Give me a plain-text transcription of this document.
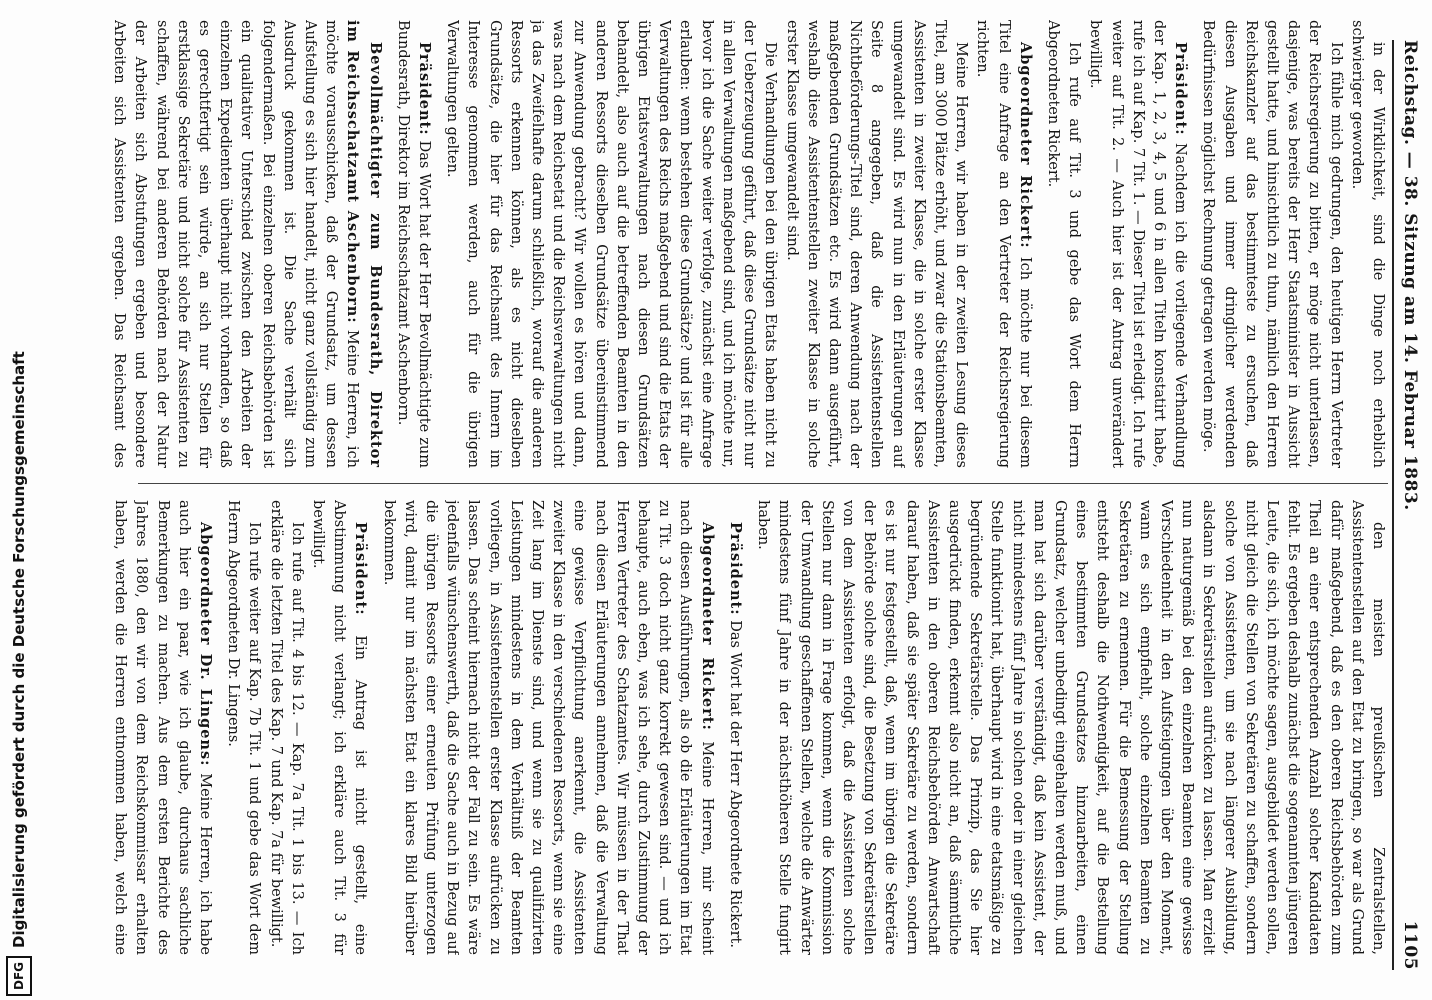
Reichstag. — 38. Sitzung am 14. Februar 1883.
1105

in der Wirklichkeit, sind die Dinge noch erheblich schwieriger geworden.

Ich fühle mich gedrungen, den heutigen Herrn Vertreter der Reichsregierung zu bitten, er möge nicht unterlassen, dasjenige, was bereits der Herr Staatsminister in Aussicht gestellt hatte, und hinsichtlich zu thun, nämlich den Herren Reichskanzler auf das bestimmteste zu ersuchen, daß diesen Ausgaben und immer dringlicher werdenden Bedürfnissen möglichst Rechnung getragen werden möge.

Präsident: Nachdem ich die vorliegende Verhandlung der Kap. 1, 2, 3, 4, 5 und 6 in allen Titeln konstatirt habe, rufe ich auf Kap. 7 Tit. 1. — Dieser Titel ist erledigt. Ich rufe weiter auf Tit. 2. — Auch hier ist der Antrag unverändert bewilligt.

Ich rufe auf Tit. 3 und gebe das Wort dem Herrn Abgeordneten Rickert.

Abgeordneter Rickert: Ich möchte nur bei diesem Titel eine Anfrage an den Vertreter der Reichsregierung richten.

Meine Herren, wir haben in der zweiten Lesung dieses Titel, am 3000 Plätze erhöht, und zwar die Stationsbeamten, Assistenten in zweiter Klasse, die in solche erster Klasse umgewandelt sind. Es wird nun in den Erläuterungen auf Seite 8 angegeben, daß die Assistentenstellen Nichtbeförderungs-Titel sind, deren Anwendung nach der maßgebenden Grundsätzen etc. Es wird dann ausgeführt, weshalb diese Assistentenstellen zweiter Klasse in solche erster Klasse umgewandelt sind.

Die Verhandlungen bei den übrigen Etats haben nicht zu der Ueberzeugung geführt, daß diese Grundsätze nicht nur in allen Verwaltungen maßgebend sind, und ich möchte nur, bevor ich die Sache weiter verfolge, zunächst eine Anfrage erlauben: wenn bestehen diese Grundsätze? und ist für alle Verwaltungen des Reichs maßgebend und sind die Etats der übrigen Etatsverwaltungen nach diesen Grundsätzen behandelt, also auch auf die betreffenden Beamten in den anderen Ressorts dieselben Grundsätze übereinstimmend zur Anwendung gebracht? Wir wollen es hören und dann, was nach dem Reichsetat und die Reichsverwaltungen nicht ja das Zweifelhafte darum schließlich, worauf die anderen Ressorts erkennen können, als es nicht dieselben Grundsätze, die hier für das Reichsamt des Innern im Interesse genommen werden, auch für die übrigen Verwaltungen gelten.

Präsident: Das Wort hat der Herr Bevollmächtigte zum Bundesrath, Direktor im Reichsschatzamt Aschenborn.

Bevollmächtigter zum Bundesrath, Direktor im Reichsschatzamt Aschenborn: Meine Herren, ich möchte vorausschicken, daß der Grundsatz, um dessen Aufstellung es sich hier handelt, nicht ganz vollständig zum Ausdruck gekommen ist. Die Sache verhält sich folgendermaßen. Bei einzelnen oberen Reichsbehörden ist ein qualitativer Unterschied zwischen den Arbeiten der einzelnen Expedienten überhaupt nicht vorhanden, so daß es gerechtfertigt sein würde, an sich nur Stellen für erstklassige Sekretäre und nicht solche für Assistenten zu schaffen, während bei anderen Behörden nach der Natur der Arbeiten sich Abstufungen ergeben und besondere Arbeiten sich Assistenten ergeben. Das Reichsamt des

den meisten preußischen Zentralstellen, Assistentenstellen auf den Etat zu bringen, so war als Grund dafür maßgebend, daß es den oberen Reichsbehörden zum Theil an einer entsprechenden Anzahl solcher Kandidaten fehlt. Es ergeben deshalb zunächst die sogenannten jüngeren Leute, die sich, ich möchte sagen, ausgebildet werden sollen, nicht gleich die Stellen von Sekretären zu schaffen, sondern solche von Assistenten, um sie nach längerer Ausbildung, alsdann in Sekretärstellen aufrücken zu lassen. Man erzielt nun naturgemäß bei den einzelnen Beamten eine gewisse Verschiedenheit in den Aufsteigungen über den Moment, wann es sich empfiehlt, solche einzelnen Beamten zu Sekretären zu ernennen. Für die Bemessung der Stellung entsteht deshalb die Nothwendigkeit, auf die Bestellung eines bestimmten Grundsatzes hinzuarbeiten, einen Grundsatz, welcher unbedingt eingehalten werden muß, und man hat sich darüber verständigt, daß kein Assistent, der nicht mindestens fünf Jahre in solchen oder in einer gleichen Stelle funktionirt hat, überhaupt wird in eine etatsmäßige zu begründende Sekretärstelle. Das Prinzip, das Sie hier ausgedrückt finden, erkennt also nicht an, daß sämmtliche Assistenten in den oberen Reichsbehörden Anwartschaft darauf haben, daß sie später Sekretäre zu werden, sondern es ist nur festgestellt, daß, wenn im übrigen die Sekretäre der Behörde solche sind, die Besetzung von Sekretärstellen von dem Assistenten erfolgt, daß die Assistenten solche Stellen nur dann in Frage kommen, wenn die Kommission der Umwandlung geschaffenen Stellen, welche die Anwärter mindestens fünf Jahre in der nächsthöheren Stelle fungirt haben.

Präsident: Das Wort hat der Herr Abgeordnete Rickert.

Abgeordneter Rickert: Meine Herren, mir scheint nach diesen Ausführungen, als ob die Erläuterungen im Etat zu Tit. 3 doch nicht ganz korrekt gewesen sind. — und ich behaupte, auch eben, was ich sehe, durch Zustimmung der Herren Vertreter des Schatzamtes. Wir müssen in der That nach diesen Erläuterungen annehmen, daß die Verwaltung eine gewisse Verpflichtung anerkennt, die Assistenten zweiter Klasse in den verschiedenen Ressorts, wenn sie eine Zeit lang im Dienste sind, und wenn sie zu qualifizirten Leistungen mindestens in dem Verhältniß der Beamten vorliegen, in Assistentenstellen erster Klasse aufrücken zu lassen. Das scheint hiernach nicht der Fall zu sein. Es wäre jedenfalls wünschenswerth, daß die Sache auch in Bezug auf die übrigen Ressorts einer erneuten Prüfung unterzogen wird, damit nur im nächsten Etat ein klares Bild hierüber bekommen.

Präsident: Ein Antrag ist nicht gestellt, eine Abstimmung nicht verlangt; ich erkläre auch Tit. 3 für bewilligt.

Ich rufe auf Tit. 4 bis 12. — Kap. 7a Tit. 1 bis 13. — Ich erkläre die letzten Titel des Kap. 7 und Kap. 7a für bewilligt.

Ich rufe weiter auf Kap. 7b Tit. 1 und gebe das Wort dem Herrn Abgeordneten Dr. Lingens.

Abgeordneter Dr. Lingens: Meine Herren, ich habe auch hier ein paar, wie ich glaube, durchaus sachliche Bemerkungen zu machen. Aus dem ersten Berichte des Jahres 1880, den wir von dem Reichskommissar erhalten haben, werden die Herren entnommen haben, welch eine

DFG
Digitalisierung gefördert durch die Deutsche Forschungsgemeinschaft
